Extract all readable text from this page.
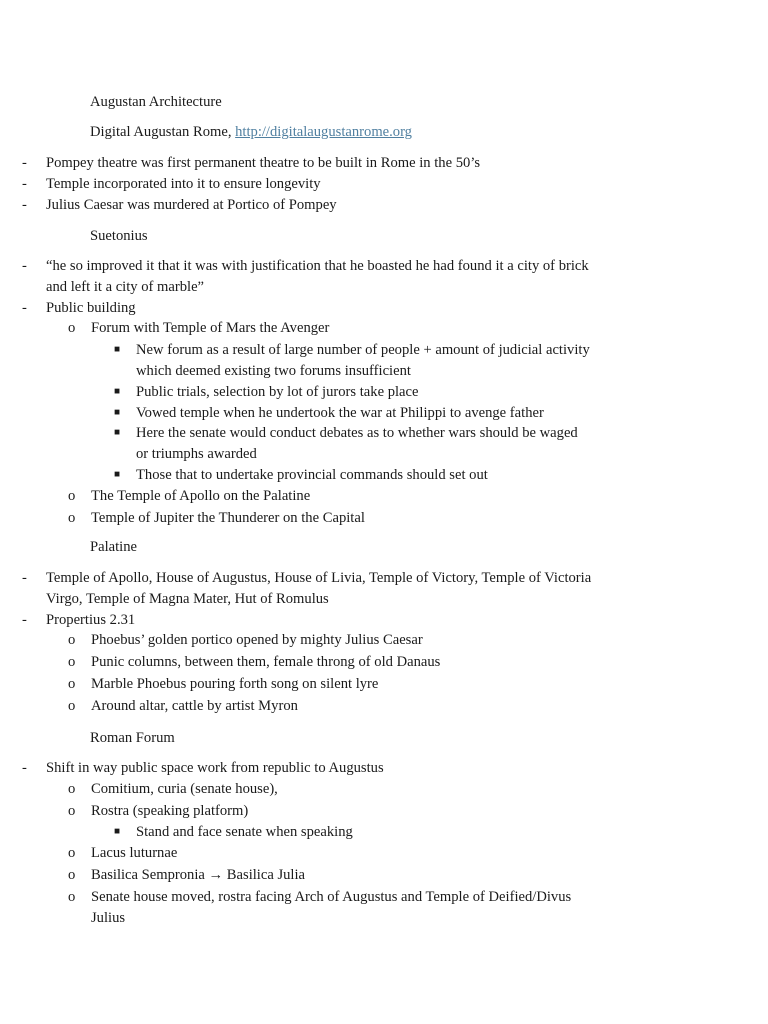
Augustan Architecture

Digital Augustan Rome, http://digitalaugustanrome.org

- Pompey theatre was first permanent theatre to be built in Rome in the 50’s
- Temple incorporated into it to ensure longevity
- Julius Caesar was murdered at Portico of Pompey

Suetonius

- “he so improved it that it was with justification that he boasted he had found it a city of brick and left it a city of marble”
- Public building
o Forum with Temple of Mars the Avenger
■ New forum as a result of large number of people + amount of judicial activity which deemed existing two forums insufficient
■ Public trials, selection by lot of jurors take place
■ Vowed temple when he undertook the war at Philippi to avenge father
■ Here the senate would conduct debates as to whether wars should be waged or triumphs awarded
■ Those that to undertake provincial commands should set out
o The Temple of Apollo on the Palatine
o Temple of Jupiter the Thunderer on the Capital

Palatine

- Temple of Apollo, House of Augustus, House of Livia, Temple of Victory, Temple of Victoria Virgo, Temple of Magna Mater, Hut of Romulus
- Propertius 2.31
o Phoebus’ golden portico opened by mighty Julius Caesar
o Punic columns, between them, female throng of old Danaus
o Marble Phoebus pouring forth song on silent lyre
o Around altar, cattle by artist Myron

Roman Forum

- Shift in way public space work from republic to Augustus
o Comitium, curia (senate house),
o Rostra (speaking platform)
■ Stand and face senate when speaking
o Lacus luturnae
o Basilica Sempronia → Basilica Julia
o Senate house moved, rostra facing Arch of Augustus and Temple of Deified/Divus Julius
